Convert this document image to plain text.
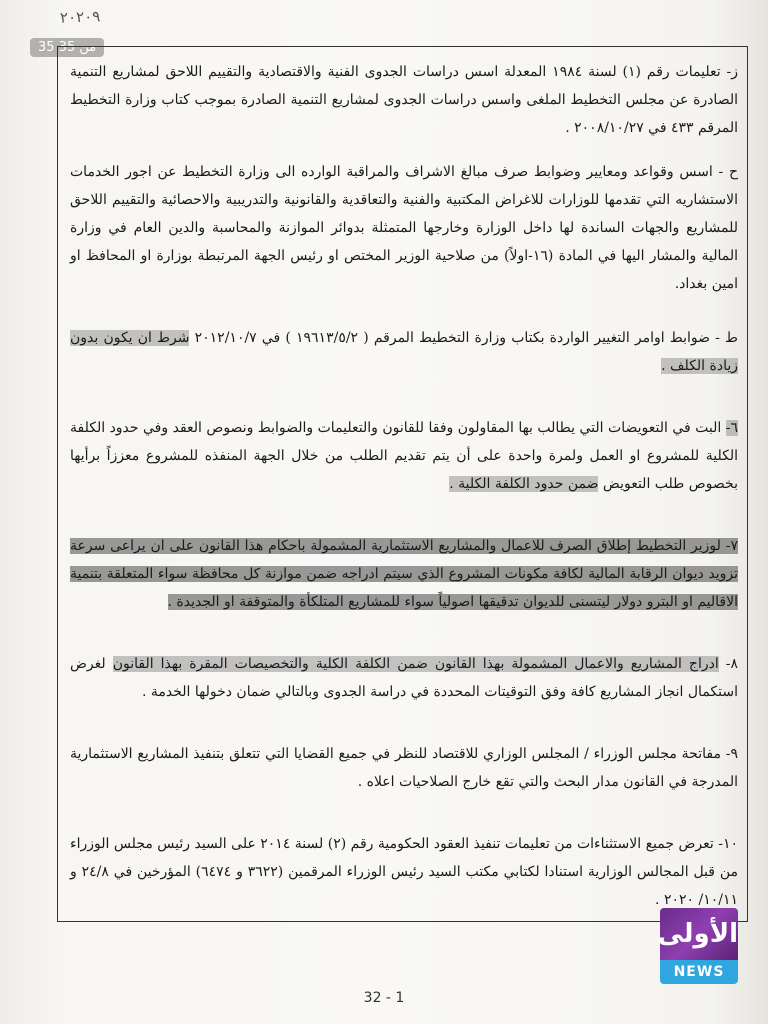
٢٠٢٠٩
35 من 35

ز- تعليمات رقم (١) لسنة ١٩٨٤ المعدلة اسس دراسات الجدوى الفنية والاقتصادية والتقييم اللاحق لمشاريع التنمية الصادرة عن مجلس التخطيط الملغى واسس دراسات الجدوى لمشاريع التنمية الصادرة بموجب كتاب وزارة التخطيط المرقم ٤٣٣ في ٢٠٠٨/١٠/٢٧ .

ح - اسس وقواعد ومعايير وضوابط صرف مبالغ الاشراف والمراقبة الوارده الى وزارة التخطيط عن اجور الخدمات الاستشاريه التي تقدمها للوزارات للاغراض المكتبية والفنية والتعاقدية والقانونية والتدريبية والاحصائية والتقييم اللاحق للمشاريع والجهات الساندة لها داخل الوزارة وخارجها المتمثلة بدوائر الموازنة والمحاسبة والدين العام في وزارة المالية والمشار اليها في المادة (١٦-اولاً) من صلاحية الوزير المختص او رئيس الجهة المرتبطة بوزارة او المحافظ او امين بغداد.

ط - ضوابط اوامر التغيير الواردة بكتاب وزارة التخطيط المرقم ( ١٩٦١٣/٥/٢ ) في ٢٠١٢/١٠/٧ شرط ان يكون بدون زيادة الكلف .

٦- البت في التعويضات التي يطالب بها المقاولون وفقا للقانون والتعليمات والضوابط ونصوص العقد وفي حدود الكلفة الكلية للمشروع او العمل ولمرة واحدة على أن يتم تقديم الطلب من خلال الجهة المنفذه للمشروع معززاً برأيها بخصوص طلب التعويض ضمن حدود الكلفة الكلية .

٧- لوزير التخطيط إطلاق الصرف للاعمال والمشاريع الاستثمارية المشمولة باحكام هذا القانون على ان يراعى سرعة تزويد ديوان الرقابة المالية لكافة مكونات المشروع الذي سيتم ادراجه ضمن موازنة كل محافظة سواء المتعلقة بتنمية الاقاليم او البترو دولار ليتسنى للديوان تدقيقها اصولياً سواء للمشاريع المتلكأة والمتوقفة او الجديدة .

٨- ادراج المشاريع والاعمال المشمولة بهذا القانون ضمن الكلفة الكلية والتخصيصات المقرة بهذا القانون لغرض استكمال انجاز المشاريع كافة وفق التوقيتات المحددة في دراسة الجدوى وبالتالي ضمان دخولها الخدمة .

٩- مفاتحة مجلس الوزراء / المجلس الوزاري للاقتصاد للنظر في جميع القضايا التي تتعلق بتنفيذ المشاريع الاستثمارية المدرجة في القانون مدار البحث والتي تقع خارج الصلاحيات اعلاه .

١٠- تعرض جميع الاستثناءات من تعليمات تنفيذ العقود الحكومية رقم (٢) لسنة ٢٠١٤ على السيد رئيس مجلس الوزراء من قبل المجالس الوزارية استنادا لكتابي مكتب السيد رئيس الوزراء المرقمين (٣٦٢٢ و ٦٤٧٤) المؤرخين في ٢٤/٨ و ١٠/١١/ ٢٠٢٠ .

الأولى
NEWS
32 - 1
